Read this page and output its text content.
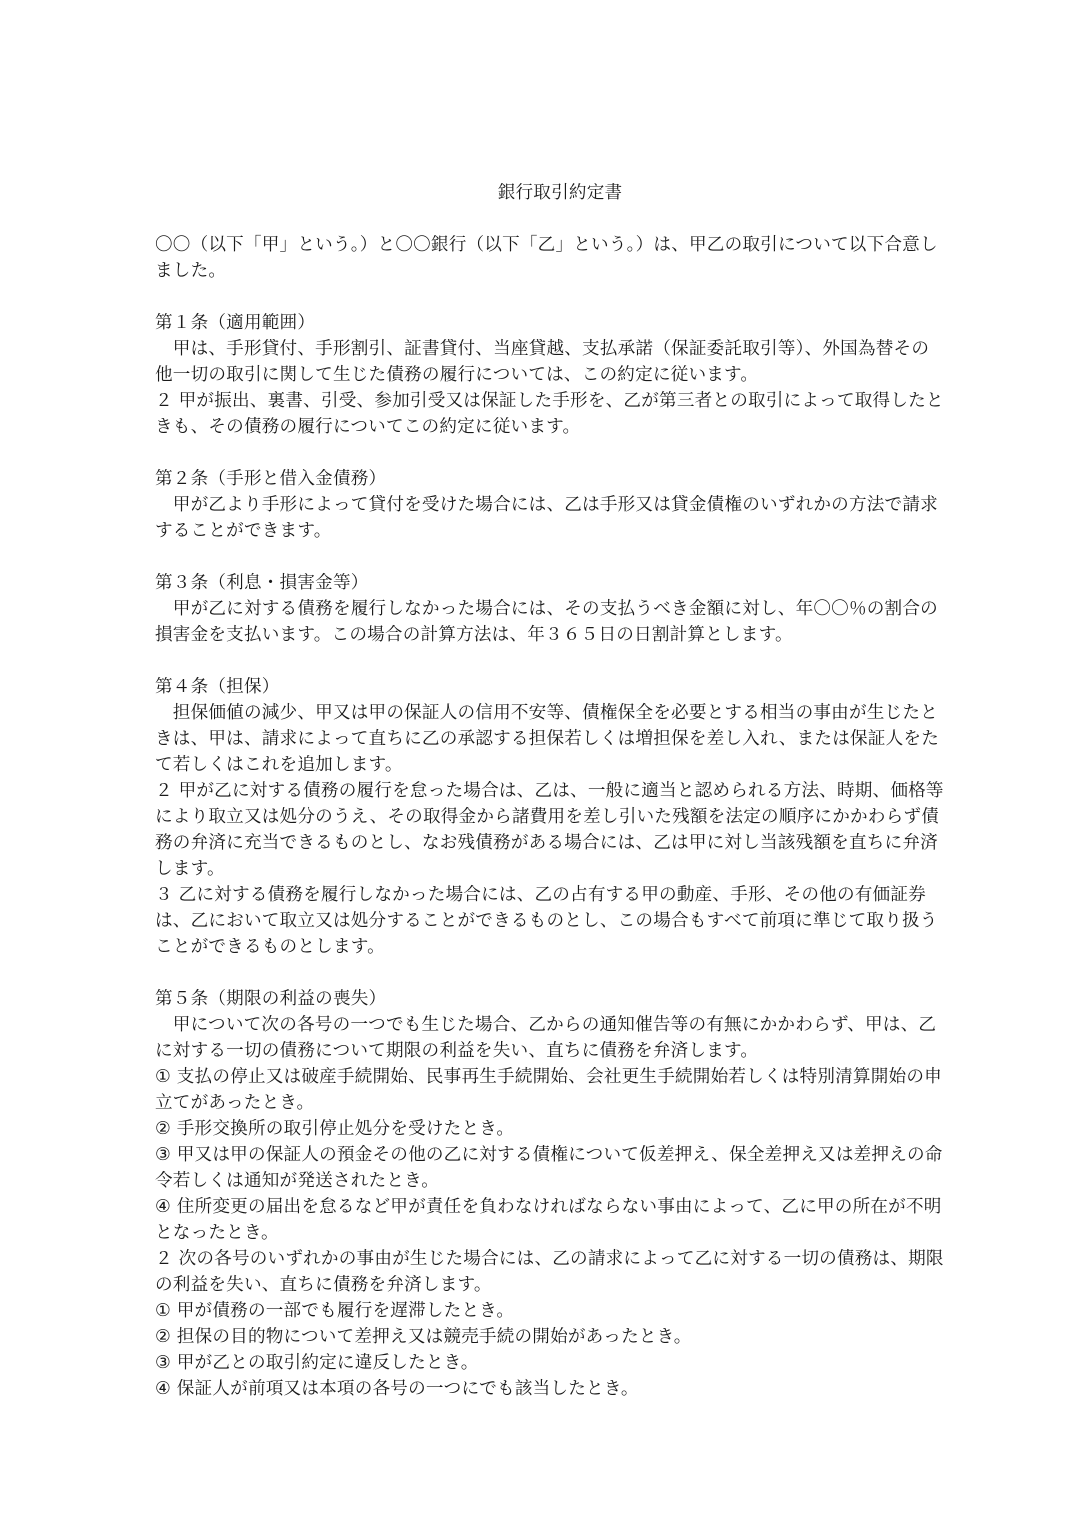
銀行取引約定書

〇〇（以下「甲」という。）と〇〇銀行（以下「乙」という。）は、甲乙の取引について以下合意しました。

第１条（適用範囲）

　甲は、手形貸付、手形割引、証書貸付、当座貸越、支払承諾（保証委託取引等）、外国為替その他一切の取引に関して生じた債務の履行については、この約定に従います。

２ 甲が振出、裏書、引受、参加引受又は保証した手形を、乙が第三者との取引によって取得したときも、その債務の履行についてこの約定に従います。

第２条（手形と借入金債務）

　甲が乙より手形によって貸付を受けた場合には、乙は手形又は貸金債権のいずれかの方法で請求することができます。

第３条（利息・損害金等）

　甲が乙に対する債務を履行しなかった場合には、その支払うべき金額に対し、年〇〇％の割合の損害金を支払います。この場合の計算方法は、年３６５日の日割計算とします。

第４条（担保）

　担保価値の減少、甲又は甲の保証人の信用不安等、債権保全を必要とする相当の事由が生じたときは、甲は、請求によって直ちに乙の承認する担保若しくは増担保を差し入れ、または保証人をたて若しくはこれを追加します。

２ 甲が乙に対する債務の履行を怠った場合は、乙は、一般に適当と認められる方法、時期、価格等により取立又は処分のうえ、その取得金から諸費用を差し引いた残額を法定の順序にかかわらず債務の弁済に充当できるものとし、なお残債務がある場合には、乙は甲に対し当該残額を直ちに弁済します。

３ 乙に対する債務を履行しなかった場合には、乙の占有する甲の動産、手形、その他の有価証券は、乙において取立又は処分することができるものとし、この場合もすべて前項に準じて取り扱うことができるものとします。

第５条（期限の利益の喪失）

　甲について次の各号の一つでも生じた場合、乙からの通知催告等の有無にかかわらず、甲は、乙に対する一切の債務について期限の利益を失い、直ちに債務を弁済します。

① 支払の停止又は破産手続開始、民事再生手続開始、会社更生手続開始若しくは特別清算開始の申立てがあったとき。

② 手形交換所の取引停止処分を受けたとき。

③ 甲又は甲の保証人の預金その他の乙に対する債権について仮差押え、保全差押え又は差押えの命令若しくは通知が発送されたとき。

④ 住所変更の届出を怠るなど甲が責任を負わなければならない事由によって、乙に甲の所在が不明となったとき。

２ 次の各号のいずれかの事由が生じた場合には、乙の請求によって乙に対する一切の債務は、期限の利益を失い、直ちに債務を弁済します。

① 甲が債務の一部でも履行を遅滞したとき。

② 担保の目的物について差押え又は競売手続の開始があったとき。

③ 甲が乙との取引約定に違反したとき。

④ 保証人が前項又は本項の各号の一つにでも該当したとき。
